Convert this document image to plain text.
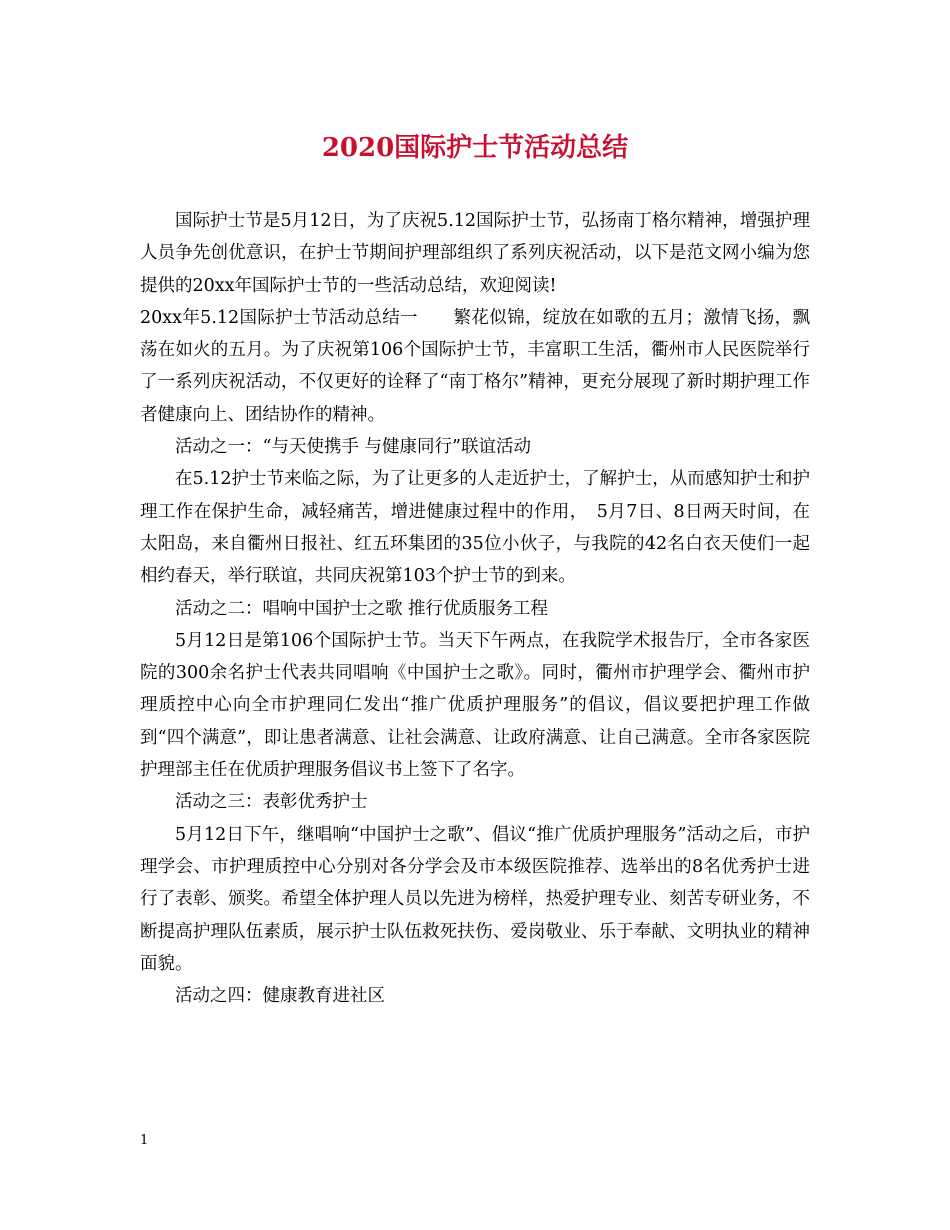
2020国际护士节活动总结

国际护士节是5月12日，为了庆祝5.12国际护士节，弘扬南丁格尔精神，增强护理人员争先创优意识，在护士节期间护理部组织了系列庆祝活动，以下是范文网小编为您提供的20xx年国际护士节的一些活动总结，欢迎阅读!

20xx年5.12国际护士节活动总结一　　繁花似锦，绽放在如歌的五月；激情飞扬，飘荡在如火的五月。为了庆祝第106个国际护士节，丰富职工生活，衢州市人民医院举行了一系列庆祝活动，不仅更好的诠释了“南丁格尔”精神，更充分展现了新时期护理工作者健康向上、团结协作的精神。

活动之一：“与天使携手 与健康同行”联谊活动

在5.12护士节来临之际，为了让更多的人走近护士，了解护士，从而感知护士和护理工作在保护生命，减轻痛苦，增进健康过程中的作用，　5月7日、8日两天时间，在太阳岛，来自衢州日报社、红五环集团的35位小伙子，与我院的42名白衣天使们一起相约春天，举行联谊，共同庆祝第103个护士节的到来。

活动之二：唱响中国护士之歌 推行优质服务工程

5月12日是第106个国际护士节。当天下午两点，在我院学术报告厅，全市各家医院的300余名护士代表共同唱响《中国护士之歌》。同时，衢州市护理学会、衢州市护理质控中心向全市护理同仁发出“推广优质护理服务”的倡议，倡议要把护理工作做到“四个满意”，即让患者满意、让社会满意、让政府满意、让自己满意。全市各家医院护理部主任在优质护理服务倡议书上签下了名字。

活动之三：表彰优秀护士

5月12日下午，继唱响“中国护士之歌”、倡议“推广优质护理服务”活动之后，市护理学会、市护理质控中心分别对各分学会及市本级医院推荐、选举出的8名优秀护士进行了表彰、颁奖。希望全体护理人员以先进为榜样，热爱护理专业、刻苦专研业务，不断提高护理队伍素质，展示护士队伍救死扶伤、爱岗敬业、乐于奉献、文明执业的精神面貌。

活动之四：健康教育进社区

1
